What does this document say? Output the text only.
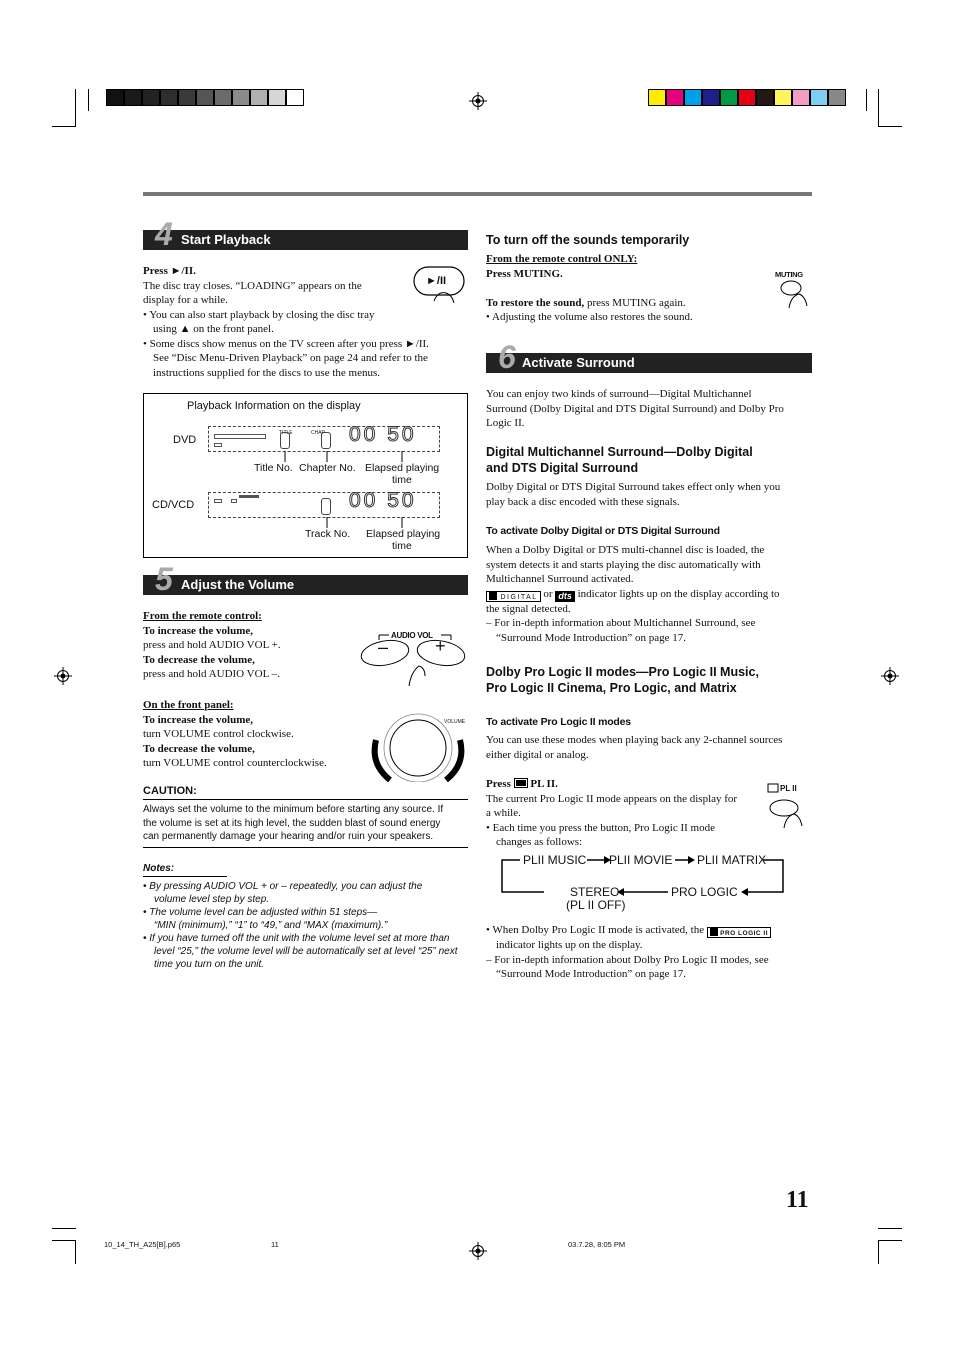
4 Start Playback

Press ►/II.

The disc tray closes. “LOADING” appears on the

display for a while.

• You can also start playback by closing the disc tray

using ▲ on the front panel.

• Some discs show menus on the TV screen after you press ►/II.

See “Disc Menu-Driven Playback” on page 24 and refer to the

instructions supplied for the discs to use the menus.

►/II
Playback Information on the display
DVD
TITLE	CHAP 00 50
Title No. Chapter No. Elapsed playing
time
CD/VCD	00 50
Track No. Elapsed playing
time
5 Adjust the Volume

From the remote control:

To increase the volume,

press and hold AUDIO VOL +.

To decrease the volume,

press and hold AUDIO VOL –.

AUDIO VOL
–	+

On the front panel:

To increase the volume,

turn VOLUME control clockwise.

To decrease the volume,

turn VOLUME control counterclockwise.

VOLUME
CAUTION:

Always set the volume to the minimum before starting any source. If

the volume is set at its high level, the sudden blast of sound energy

can permanently damage your hearing and/or ruin your speakers.

Notes:

• By pressing AUDIO VOL + or – repeatedly, you can adjust the

volume level step by step.

• The volume level can be adjusted within 51 steps—

“MIN (minimum),” “1” to “49,” and “MAX (maximum).”

• If you have turned off the unit with the volume level set at more than

level “25,” the volume level will be automatically set at level “25” next

time you turn on the unit.

To turn off the sounds temporarily

From the remote control ONLY:

Press MUTING.

To restore the sound, press MUTING again.

• Adjusting the volume also restores the sound.

MUTING
6 Activate Surround

You can enjoy two kinds of surround—Digital Multichannel

Surround (Dolby Digital and DTS Digital Surround) and Dolby Pro

Logic II.

Digital Multichannel Surround—Dolby Digital

and DTS Digital Surround

Dolby Digital or DTS Digital Surround takes effect only when you

play back a disc encoded with these signals.

To activate Dolby Digital or DTS Digital Surround

When a Dolby Digital or DTS multi-channel disc is loaded, the

system detects it and starts playing the disc automatically with

Multichannel Surround activated.

DIGITAL or dts indicator lights up on the display according to

the signal detected.

– For in-depth information about Multichannel Surround, see

“Surround Mode Introduction” on page 17.

Dolby Pro Logic II modes—Pro Logic II Music,

Pro Logic II Cinema, Pro Logic, and Matrix

To activate Pro Logic II modes

You can use these modes when playing back any 2-channel sources

either digital or analog.

Press PL II.

The current Pro Logic II mode appears on the display for

a while.

• Each time you press the button, Pro Logic II mode

changes as follows:

PL II
PLII MUSIC PLII MOVIE PLII MATRIX
PRO LOGIC
STEREO
(PL II OFF)

• When Dolby Pro Logic II mode is activated, the PRO LOGIC II

indicator lights up on the display.

– For in-depth information about Dolby Pro Logic II modes, see

“Surround Mode Introduction” on page 17.

11
10_14_TH_A25[B].p65	11	03.7.28, 8:05 PM
